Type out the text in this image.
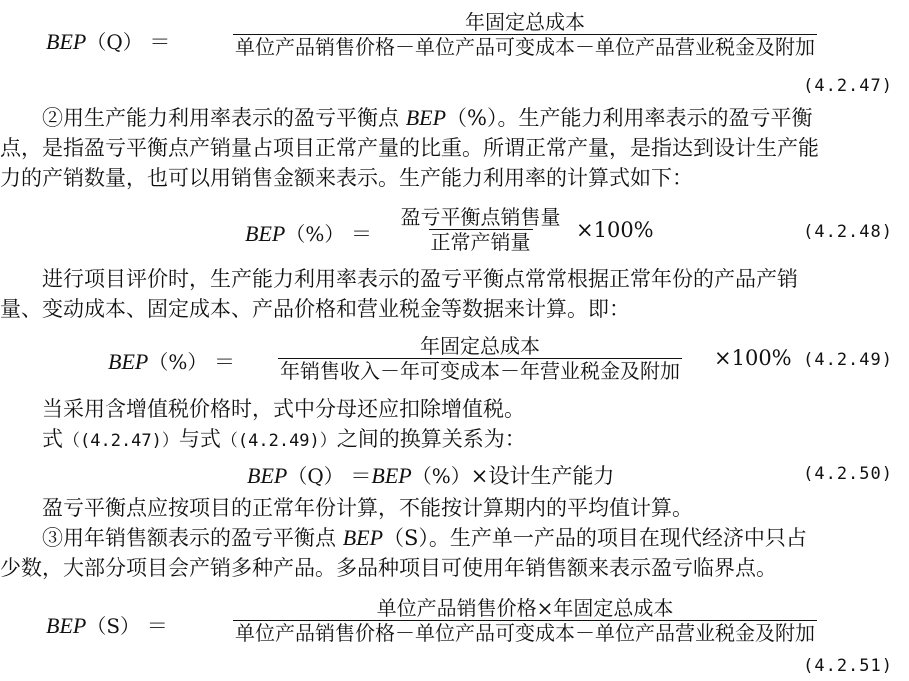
BEP（Q） ＝
年固定总成本
单位产品销售价格－单位产品可变成本－单位产品营业税金及附加
(4.2.47)
②用生产能力利用率表示的盈亏平衡点 BEP（%）。生产能力利用率表示的盈亏平衡
点，是指盈亏平衡点产销量占项目正常产量的比重。所谓正常产量，是指达到设计生产能
力的产销数量，也可以用销售金额来表示。生产能力利用率的计算式如下：
BEP（%） ＝
盈亏平衡点销售量
正常产销量 ×100%	(4.2.48)
进行项目评价时，生产能力利用率表示的盈亏平衡点常常根据正常年份的产品产销
量、变动成本、固定成本、产品价格和营业税金等数据来计算。即：
BEP（%） ＝
年固定总成本
年销售收入－年可变成本－年营业税金及附加
×100% (4.2.49)
当采用含增值税价格时，式中分母还应扣除增值税。
式（(4.2.47)）与式（(4.2.49)）之间的换算关系为：
BEP（Q） ＝BEP（%）×设计生产能力	(4.2.50)
盈亏平衡点应按项目的正常年份计算，不能按计算期内的平均值计算。
③用年销售额表示的盈亏平衡点 BEP（S）。生产单一产品的项目在现代经济中只占
少数，大部分项目会产销多种产品。多品种项目可使用年销售额来表示盈亏临界点。
BEP（S） ＝
单位产品销售价格×年固定总成本
单位产品销售价格－单位产品可变成本－单位产品营业税金及附加
(4.2.51)
